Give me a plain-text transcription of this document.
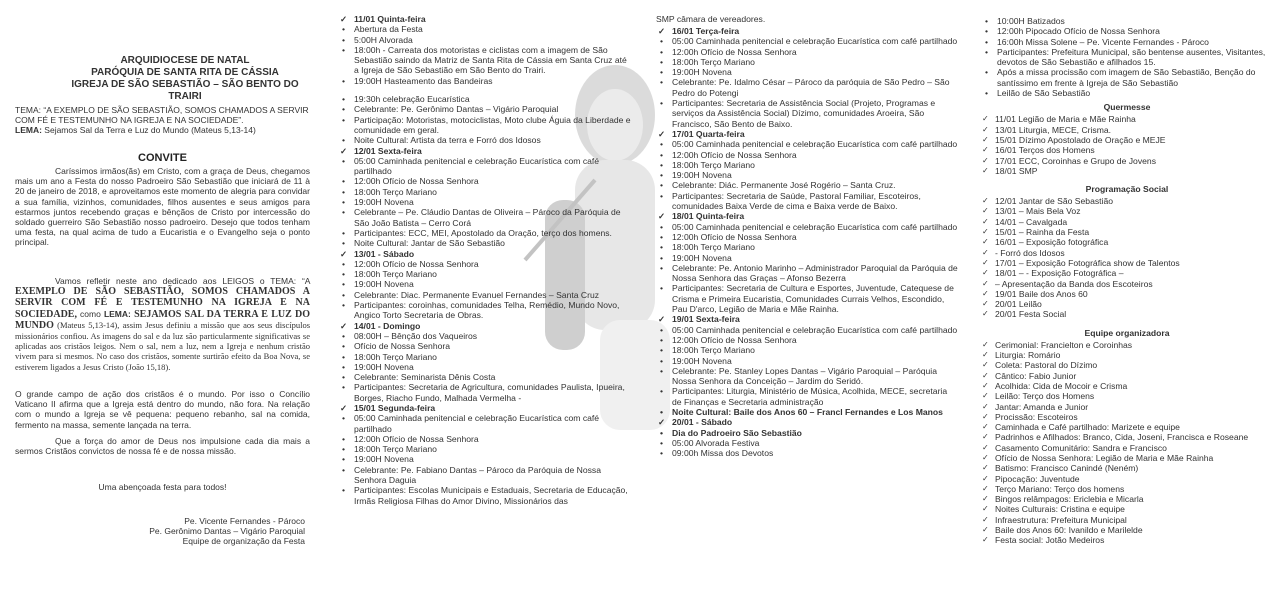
ARQUIDIOCESE DE NATAL
PARÓQUIA DE SANTA RITA DE CÁSSIA
IGREJA DE SÃO SEBASTIÃO – SÃO BENTO DO TRAIRI
TEMA: “A EXEMPLO DE SÃO SEBASTIÃO, SOMOS CHAMADOS A SERVIR COM FÉ E TESTEMUNHO NA IGREJA E NA SOCIEDADE”.
LEMA: Sejamos Sal da Terra e Luz do Mundo (Mateus 5,13-14)
CONVITE
Caríssimos irmãos(ãs) em Cristo, com a graça de Deus, chegamos mais um ano a Festa do nosso Padroeiro São Sebastião que iniciará de 11 à 20 de janeiro de 2018, e aproveitamos este momento de alegria para convidar a sua família, vizinhos, comunidades, filhos ausentes e seus amigos para estarmos juntos recebendo graças e bênçãos de Cristo por intercessão do soldado guerreiro São Sebastião nosso padroeiro. Desejo que todos tenham uma festa, na qual acima de tudo a Eucaristia e o Evangelho seja o ponto principal.
Vamos refletir neste ano dedicado aos LEIGOS o TEMA: “A EXEMPLO DE SÃO SEBASTIÃO, SOMOS CHAMADOS A SERVIR COM FÉ E TESTEMUNHO NA IGREJA E NA SOCIEDADE, como LEMA: SEJAMOS SAL DA TERRA E LUZ DO MUNDO (Mateus 5,13-14), assim Jesus definiu a missão que aos seus discípulos missionários confiou. As imagens do sal e da luz são particularmente significativas se aplicadas aos cristãos leigos. Nem o sal, nem a luz, nem a Igreja e nenhum cristão vivem para si mesmos. No caso dos cristãos, somente surtirão efeito da Boa Nova, se estiverem ligados a Jesus Cristo (João 15,18).
O grande campo de ação dos cristãos é o mundo. Por isso o Concílio Vaticano II afirma que a Igreja está dentro do mundo, não fora. Na relação com o mundo a Igreja se vê pequena: pequeno rebanho, sal na comida, fermento na massa, semente lançada na terra.
Que a força do amor de Deus nos impulsione cada dia mais a sermos Cristãos convictos de nossa fé e de nossa missão.
Uma abençoada festa para todos!
Pe. Vicente Fernandes - Pároco
Pe. Gerônimo Dantas – Vigário Paroquial
Equipe de organização da Festa
✓ 11/01 Quinta-feira
• Abertura da Festa
• 5:00H Alvorada
• 18:00h - Carreata dos motoristas e ciclistas com a imagem de São Sebastião saindo da Matriz de Santa Rita de Cássia em Santa Cruz até a Igreja de São Sebastião em São Bento do Trairi.
• 19:00H Hasteamento das Bandeiras
• 19:30h celebração Eucarística
• Celebrante: Pe. Gerônimo Dantas – Vigário Paroquial
• Participação: Motoristas, motociclistas, Moto clube Águia da Liberdade e comunidade em geral.
• Noite Cultural: Artista da terra e Forró dos Idosos
✓ 12/01 Sexta-feira
• 05:00 Caminhada penitencial e celebração Eucarística com café partilhado
• 12:00h Ofício de Nossa Senhora
• 18:00h Terço Mariano
• 19:00H Novena
• Celebrante – Pe. Cláudio Dantas de Oliveira – Pároco da Paróquia de São João Batista – Cerro Corá
• Participantes: ECC, MEI, Apostolado da Oração, terço dos homens.
• Noite Cultural: Jantar de São Sebastião
✓ 13/01 - Sábado
• 12:00h Ofício de Nossa Senhora
• 18:00h Terço Mariano
• 19:00H Novena
• Celebrante: Diac. Permanente Evanuel Fernandes – Santa Cruz
• Participantes: coroinhas, comunidades Telha, Remédio, Mundo Novo, Angico Torto Secretaria de Obras.
✓ 14/01 - Domingo
• 08:00H – Bênção dos Vaqueiros
• Ofício de Nossa Senhora
• 18:00h Terço Mariano
• 19:00H Novena
• Celebrante: Seminarista Dênis Costa
• Participantes: Secretaria de Agricultura, comunidades Paulista, Ipueira, Borges, Riacho Fundo, Malhada Vermelha -
✓ 15/01 Segunda-feira
• 05:00 Caminhada penitencial e celebração Eucarística com café partilhado
• 12:00h Ofício de Nossa Senhora
• 18:00h Terço Mariano
• 19:00H Novena
• Celebrante: Pe. Fabiano Dantas – Pároco da Paróquia de Nossa Senhora Daguia
• Participantes: Escolas Municipais e Estaduais, Secretaria de Educação, Irmãs Religiosa Filhas do Amor Divino, Missionários das
SMP câmara de vereadores.
✓ 16/01 Terça-feira
• 05:00 Caminhada penitencial e celebração Eucarística com café partilhado
• 12:00h Ofício de Nossa Senhora
• 18:00h Terço Mariano
• 19:00H Novena
• Celebrante: Pe. Idalmo César – Pároco da paróquia de São Pedro – São Pedro do Potengi
• Participantes: Secretaria de Assistência Social (Projeto, Programas e serviços da Assistência Social) Dízimo, comunidades Aroeira, São Francisco, São Bento de Baixo.
✓ 17/01 Quarta-feira
• 05:00 Caminhada penitencial e celebração Eucarística com café partilhado
• 12:00h Ofício de Nossa Senhora
• 18:00h Terço Mariano
• 19:00H Novena
• Celebrante: Diác. Permanente José Rogério – Santa Cruz.
• Participantes: Secretaria de Saúde, Pastoral Familiar, Escoteiros, comunidades Baixa Verde de cima e Baixa verde de Baixo.
✓ 18/01 Quinta-feira
• 05:00 Caminhada penitencial e celebração Eucarística com café partilhado
• 12:00h Ofício de Nossa Senhora
• 18:00h Terço Mariano
• 19:00H Novena
• Celebrante: Pe. Antonio Marinho – Administrador Paroquial da Paróquia de Nossa Senhora das Graças – Afonso Bezerra
• Participantes: Secretaria de Cultura e Esportes, Juventude, Catequese de Crisma e Primeira Eucaristia, Comunidades Currais Velhos, Escondido, Pau D'arco, Legião de Maria e Mãe Rainha.
✓ 19/01 Sexta-feira
• 05:00 Caminhada penitencial e celebração Eucarística com café partilhado
• 12:00h Ofício de Nossa Senhora
• 18:00h Terço Mariano
• 19:00H Novena
• Celebrante: Pe. Stanley Lopes Dantas – Vigário Paroquial – Paróquia Nossa Senhora da Conceição – Jardim do Seridó.
• Participantes: Liturgia, Ministério de Música, Acolhida, MECE, secretaria de Finanças e Secretaria administração
• Noite Cultural: Baile dos Anos 60 – Francl Fernandes e Los Manos
✓ 20/01 - Sábado
• Dia do Padroeiro São Sebastião
• 05:00 Alvorada Festiva
• 09:00h Missa dos Devotos
• 10:00H Batizados
• 12:00h Pipocado Ofício de Nossa Senhora
• 16:00h Missa Solene – Pe. Vicente Fernandes - Pároco
• Participantes: Prefeitura Municipal, são bentense ausentes, Visitantes, devotos de São Sebastião e afilhados 15.
• Após a missa procissão com imagem de São Sebastião, Benção do santíssimo em frente à Igreja de São Sebastião
• Leilão de São Sebastião
Quermesse
✓ 11/01 Legião de Maria e Mãe Rainha
✓ 13/01 Liturgia, MECE, Crisma.
✓ 15/01 Dízimo Apostolado de Oração e MEJE
✓ 16/01 Terços dos Homens
✓ 17/01 ECC, Coroinhas e Grupo de Jovens
✓ 18/01 SMP
Programação Social
✓ 12/01 Jantar de São Sebastião
✓ 13/01 – Mais Bela Voz
✓ 14/01 – Cavalgada
✓ 15/01 – Rainha da Festa
✓ 16/01 – Exposição fotográfica
✓ - Forró dos Idosos
✓ 17/01 – Exposição Fotográfica show de Talentos
✓ 18/01 – - Exposição Fotográfica –
✓ – Apresentação da Banda dos Escoteiros
✓ 19/01 Baile dos Anos 60
✓ 20/01 Leilão
✓ 20/01 Festa Social
Equipe organizadora
✓ Cerimonial: Francielton e Coroinhas
✓ Liturgia: Romário
✓ Coleta: Pastoral do Dízimo
✓ Cântico: Fabio Junior
✓ Acolhida: Cida de Mocoir e Crisma
✓ Leilão: Terço dos Homens
✓ Jantar: Amanda e Junior
✓ Procissão: Escoteiros
✓ Caminhada e Café partilhado: Marizete e equipe
✓ Padrinhos e Afilhados: Branco, Cida, Joseni, Francisca e Roseane
✓ Casamento Comunitário: Sandra e Francisco
✓ Ofício de Nossa Senhora: Legião de Maria e Mãe Rainha
✓ Batismo: Francisco Canindé (Neném)
✓ Pipocação: Juventude
✓ Terço Mariano: Terço dos homens
✓ Bingos relâmpagos: Ericlebia e Micarla
✓ Noites Culturais: Cristina e equipe
✓ Infraestrutura: Prefeitura Municipal
✓ Baile dos Anos 60: Ivanildo e Marilelde
✓ Festa social: Jotão Medeiros
